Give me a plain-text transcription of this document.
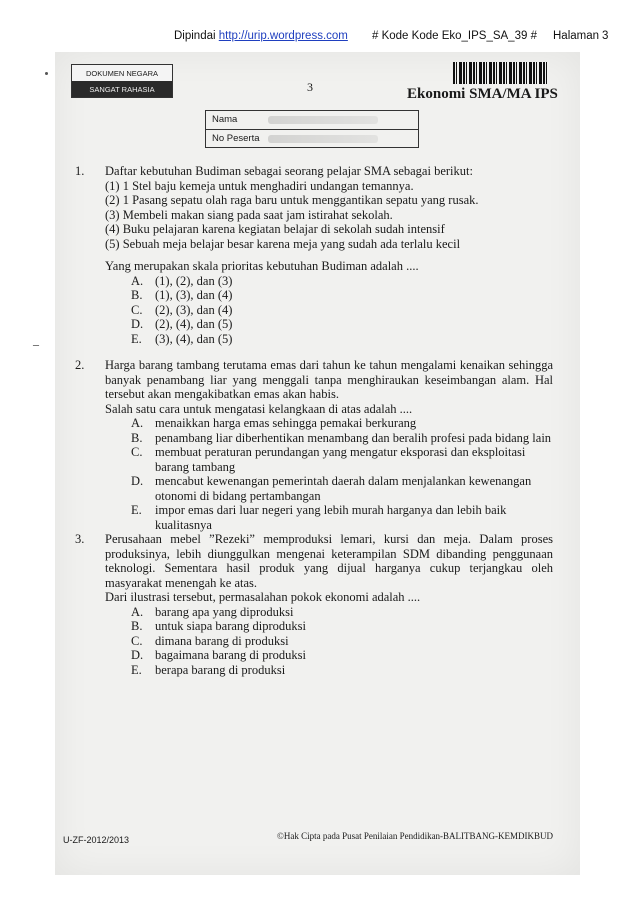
Dipindai http://urip.wordpress.com # Kode Kode Eko_IPS_SA_39 # Halaman 3
DOKUMEN NEGARA
SANGAT RAHASIA	3	Ekonomi SMA/MA IPS
Nama
No Peserta
–
1. Daftar kebutuhan Budiman sebagai seorang pelajar SMA sebagai berikut:

(1) 1 Stel baju kemeja untuk menghadiri undangan temannya.
(2) 1 Pasang sepatu olah raga baru untuk menggantikan sepatu yang rusak.
(3) Membeli makan siang pada saat jam istirahat sekolah.
(4) Buku pelajaran karena kegiatan belajar di sekolah sudah intensif
(5) Sebuah meja belajar besar karena meja yang sudah ada terlalu kecil

Yang merupakan skala prioritas kebutuhan Budiman adalah ....

A. (1), (2), dan (3)
B. (1), (3), dan (4)
C. (2), (3), dan (4)
D. (2), (4), dan (5)
E. (3), (4), dan (5)
2. Harga barang tambang terutama emas dari tahun ke tahun mengalami kenaikan sehingga banyak penambang liar yang menggali tanpa menghiraukan keseimbangan alam. Hal tersebut akan mengakibatkan emas akan habis.

Salah satu cara untuk mengatasi kelangkaan di atas adalah ....

A. menaikkan harga emas sehingga pemakai berkurang
B. penambang liar diberhentikan menambang dan beralih profesi pada bidang lain
C. membuat peraturan perundangan yang mengatur eksporasi dan eksploitasi barang tambang
D. mencabut kewenangan pemerintah daerah dalam menjalankan kewenangan otonomi di bidang pertambangan
E. impor emas dari luar negeri yang lebih murah harganya dan lebih baik kualitasnya
3. Perusahaan mebel ”Rezeki” memproduksi lemari, kursi dan meja. Dalam proses produksinya, lebih diunggulkan mengenai keterampilan SDM dibanding penggunaan teknologi. Sementara hasil produk yang dijual harganya cukup terjangkau oleh masyarakat menengah ke atas.

Dari ilustrasi tersebut, permasalahan pokok ekonomi adalah ....

A. barang apa yang diproduksi
B. untuk siapa barang diproduksi
C. dimana barang di produksi
D. bagaimana barang di produksi
E. berapa barang di produksi
U-ZF-2012/2013	©Hak Cipta pada Pusat Penilaian Pendidikan-BALITBANG-KEMDIKBUD
